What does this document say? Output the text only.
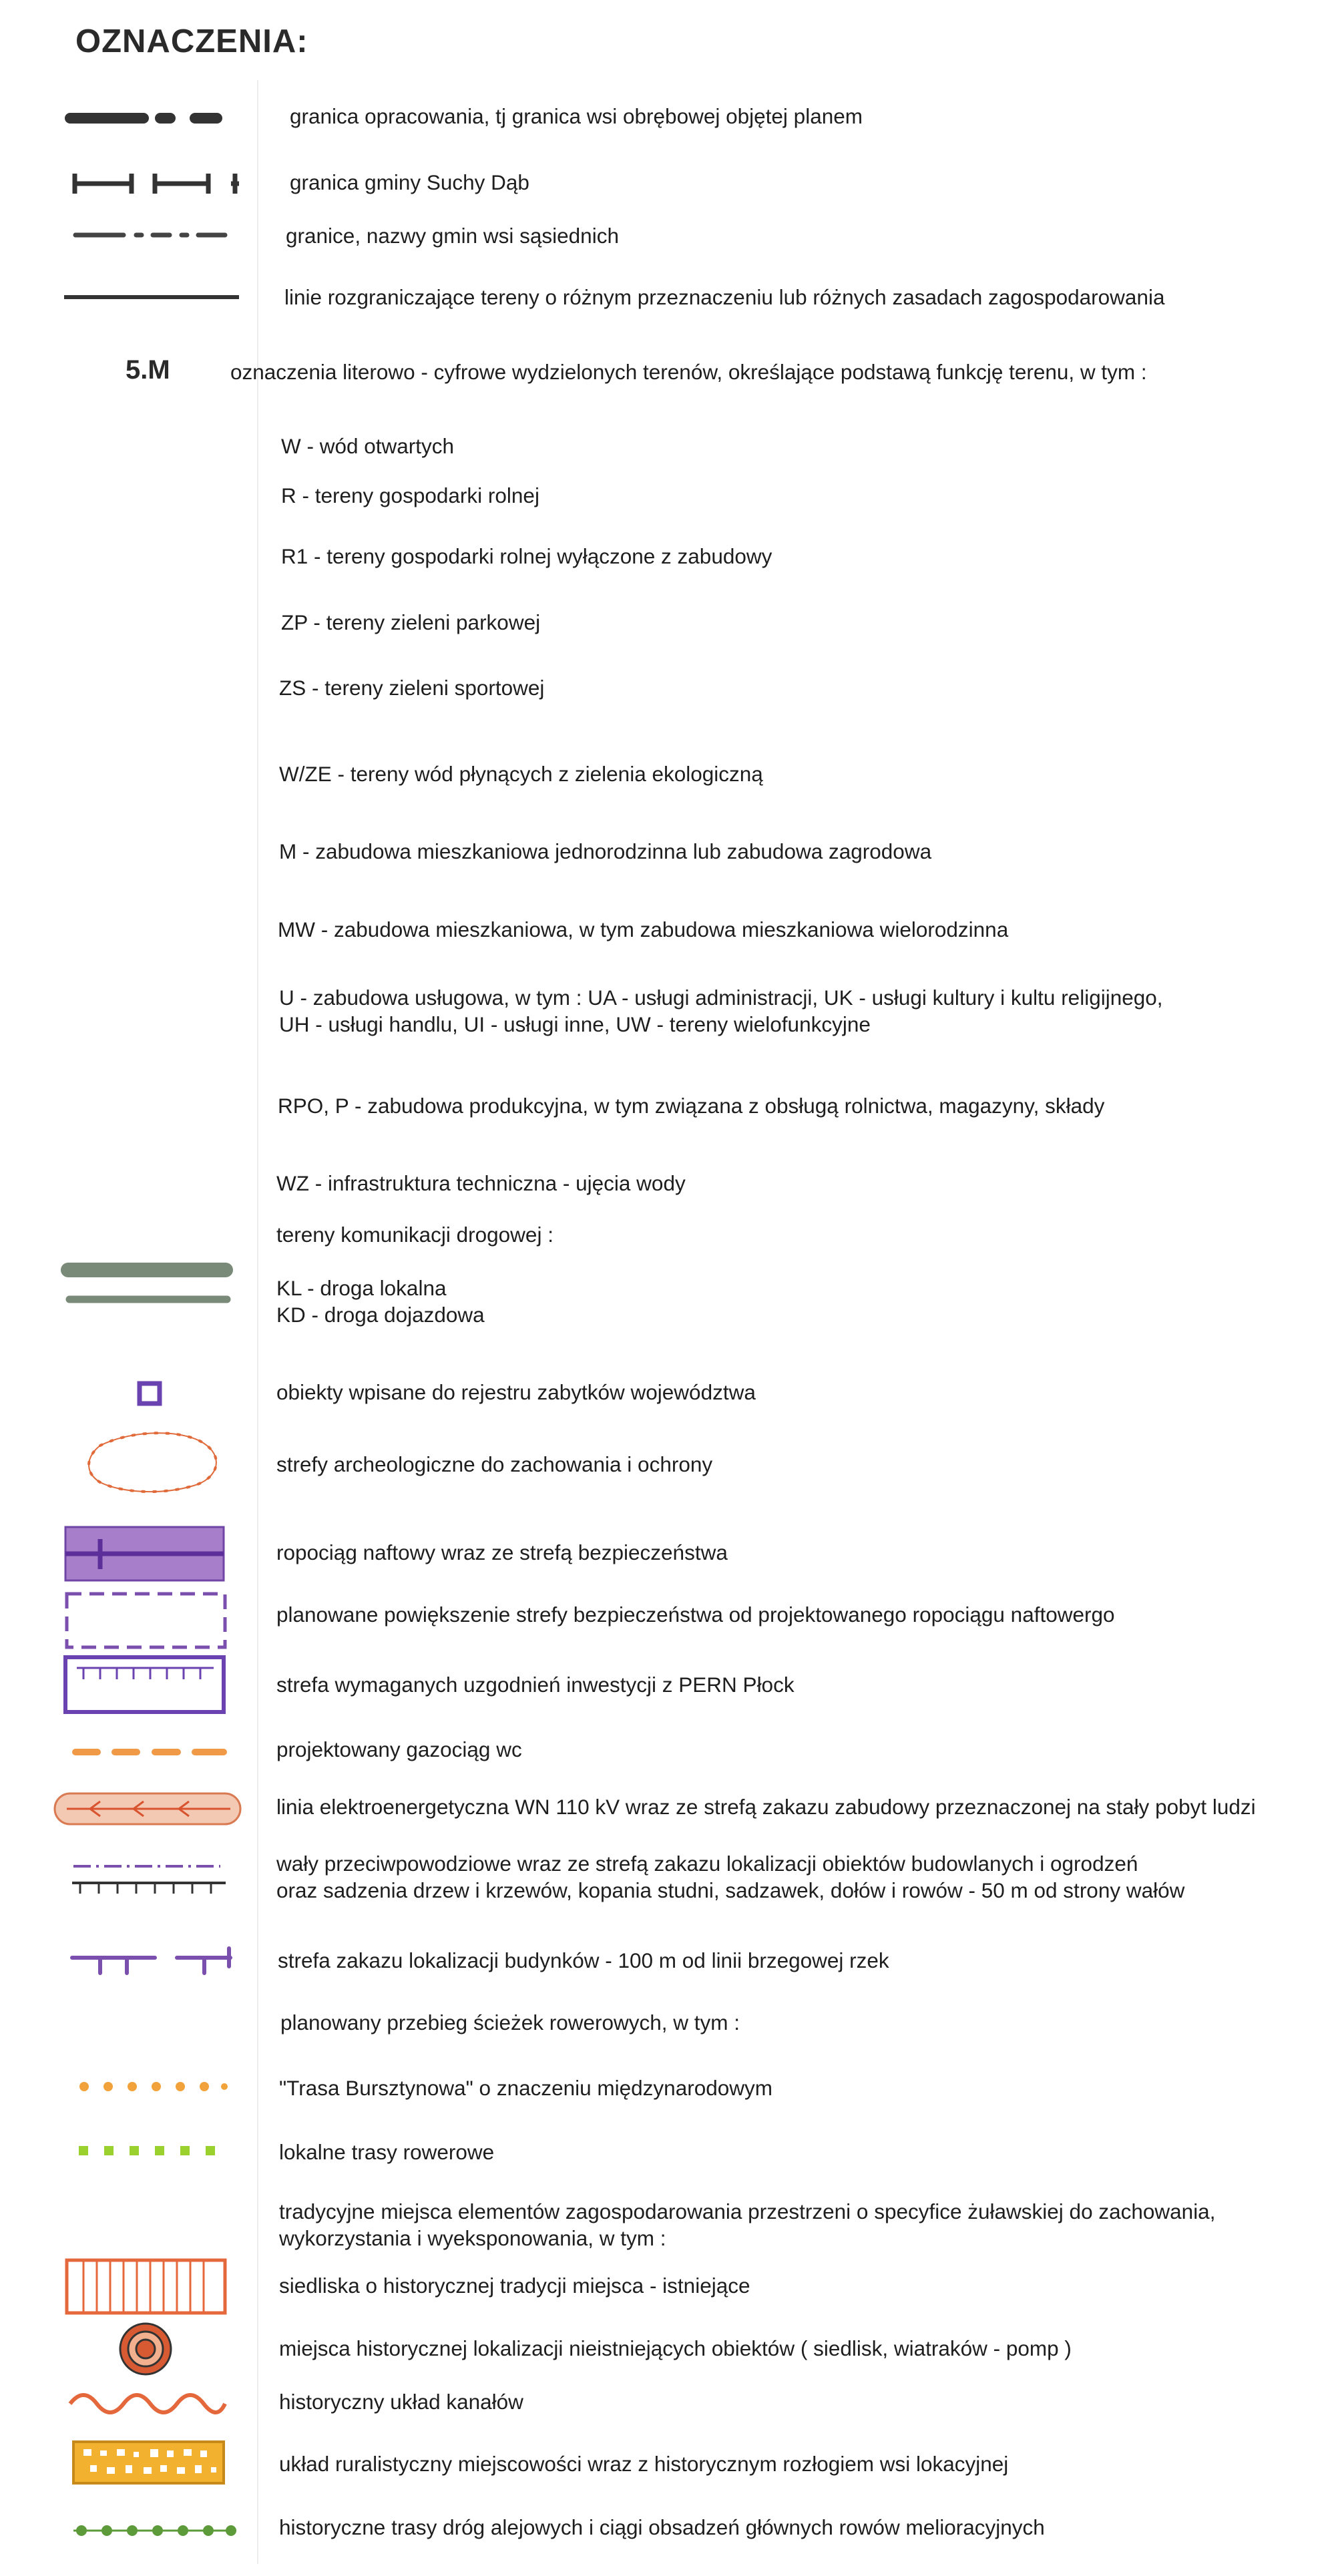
OZNACZENIA:
granica opracowania, tj granica wsi obrębowej objętej planem
granica gminy Suchy Dąb
granice, nazwy gmin wsi sąsiednich
linie rozgraniczające tereny o różnym przeznaczeniu lub różnych zasadach zagospodarowania
5.M	oznaczenia literowo - cyfrowe wydzielonych terenów, określające podstawą funkcję terenu, w tym :
W - wód otwartych
R - tereny gospodarki rolnej
R1 - tereny gospodarki rolnej wyłączone z zabudowy
ZP - tereny zieleni parkowej
ZS - tereny zieleni sportowej
W/ZE - tereny wód płynących z zielenia ekologiczną
M - zabudowa mieszkaniowa jednorodzinna lub zabudowa zagrodowa
MW - zabudowa mieszkaniowa, w tym zabudowa mieszkaniowa wielorodzinna
U - zabudowa usługowa, w tym : UA - usługi administracji, UK - usługi kultury i kultu religijnego,
UH - usługi handlu, UI - usługi inne, UW - tereny wielofunkcyjne
RPO, P - zabudowa produkcyjna, w tym związana z obsługą rolnictwa, magazyny, składy
WZ - infrastruktura techniczna - ujęcia wody
tereny komunikacji drogowej :
KL - droga lokalna
KD - droga dojazdowa
obiekty wpisane do rejestru zabytków województwa
strefy archeologiczne do zachowania i ochrony
ropociąg naftowy wraz ze strefą bezpieczeństwa
planowane powiększenie strefy bezpieczeństwa od projektowanego ropociągu naftowergo
strefa wymaganych uzgodnień inwestycji z PERN Płock
projektowany gazociąg wc
linia elektroenergetyczna WN 110 kV wraz ze strefą zakazu zabudowy przeznaczonej na stały pobyt ludzi
wały przeciwpowodziowe wraz ze strefą zakazu lokalizacji obiektów budowlanych i ogrodzeń
oraz sadzenia drzew i krzewów, kopania studni, sadzawek, dołów i rowów - 50 m od strony wałów
strefa zakazu lokalizacji budynków - 100 m od linii brzegowej rzek
planowany przebieg ścieżek rowerowych, w tym :
"Trasa Bursztynowa" o znaczeniu międzynarodowym
lokalne trasy rowerowe
tradycyjne miejsca elementów zagospodarowania przestrzeni o specyfice żuławskiej do zachowania,
wykorzystania i wyeksponowania, w tym :
siedliska o historycznej tradycji miejsca - istniejące
miejsca historycznej lokalizacji nieistniejących obiektów ( siedlisk, wiatraków - pomp )
historyczny układ kanałów
układ ruralistyczny miejscowości wraz z historycznym rozłogiem wsi lokacyjnej
historyczne trasy dróg alejowych i ciągi obsadzeń głównych rowów melioracyjnych
